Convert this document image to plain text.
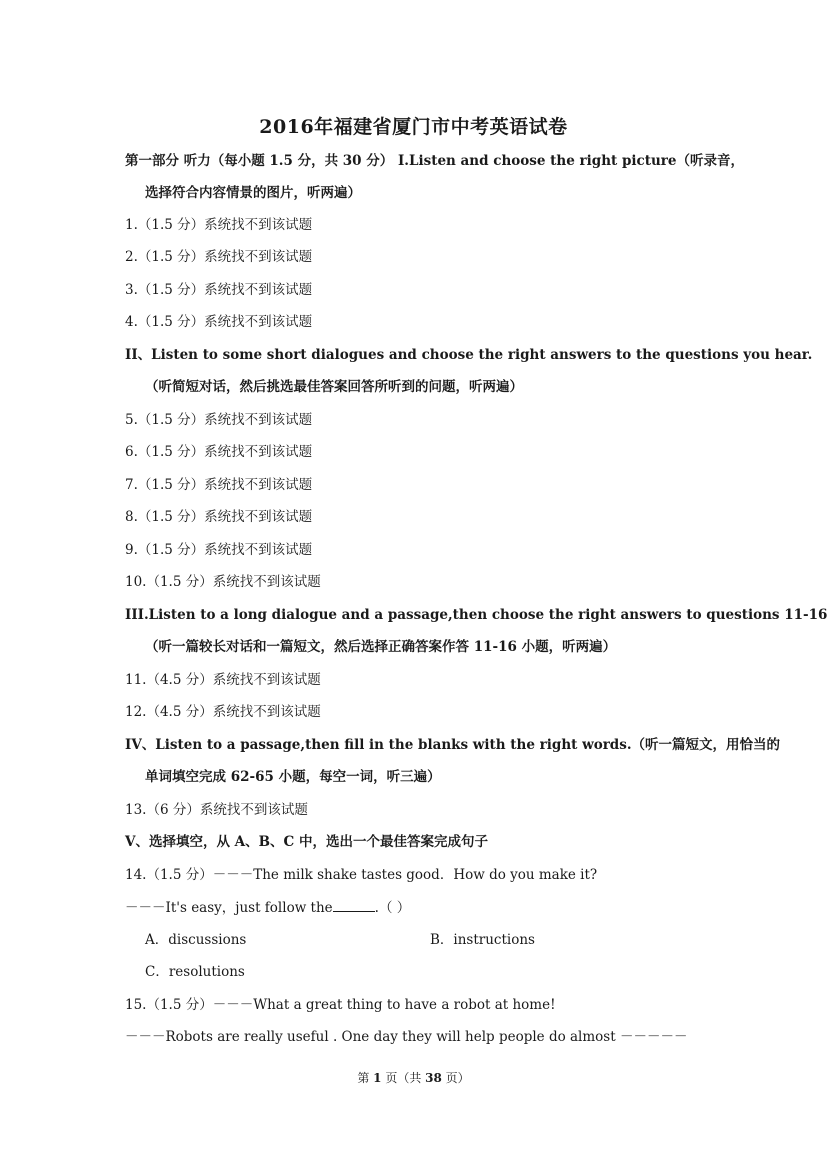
2016年福建省厦门市中考英语试卷
第一部分 听力（每小题 1.5 分，共 30 分） I.Listen and choose the right picture（听录音，
选择符合内容情景的图片，听两遍）
1.（1.5 分）系统找不到该试题
2.（1.5 分）系统找不到该试题
3.（1.5 分）系统找不到该试题
4.（1.5 分）系统找不到该试题
II、Listen to some short dialogues and choose the right answers to the questions you hear.
（听简短对话，然后挑选最佳答案回答所听到的问题，听两遍）
5.（1.5 分）系统找不到该试题
6.（1.5 分）系统找不到该试题
7.（1.5 分）系统找不到该试题
8.（1.5 分）系统找不到该试题
9.（1.5 分）系统找不到该试题
10.（1.5 分）系统找不到该试题
III.Listen to a long dialogue and a passage,then choose the right answers to questions 11-16
（听一篇较长对话和一篇短文，然后选择正确答案作答 11-16 小题，听两遍）
11.（4.5 分）系统找不到该试题
12.（4.5 分）系统找不到该试题
IV、Listen to a passage,then fill in the blanks with the right words.（听一篇短文，用恰当的
单词填空完成 62-65 小题，每空一词，听三遍）
13.（6 分）系统找不到该试题
V、选择填空，从 A、B、C 中，选出一个最佳答案完成句子
14.（1.5 分）－－－The milk shake tastes good．How do you make it?
－－－It's easy，just follow the	.（ ）
A．discussions	B．instructions
C．resolutions
15.（1.5 分）－－－What a great thing to have a robot at home!
－－－Robots are really useful . One day they will help people do almost －－－－－
第 1 页（共 38 页）
